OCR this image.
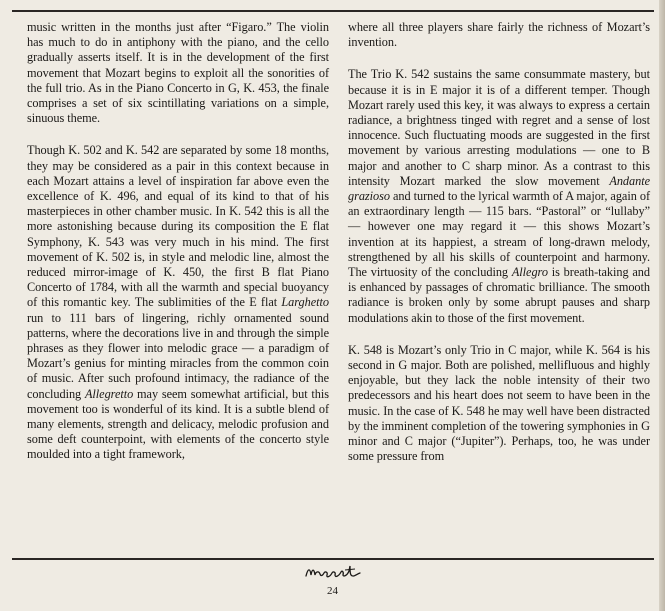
music written in the months just after “Figaro.” The violin has much to do in antiphony with the piano, and the cello gradually asserts itself. It is in the development of the first movement that Mozart begins to exploit all the sonorities of the full trio. As in the Piano Concerto in G, K. 453, the finale comprises a set of six scintillating variations on a simple, sinuous theme.

Though K. 502 and K. 542 are separated by some 18 months, they may be considered as a pair in this context because in each Mozart attains a level of inspiration far above even the excellence of K. 496, and equal of its kind to that of his masterpieces in other chamber music. In K. 542 this is all the more astonishing because during its composition the E flat Symphony, K. 543 was very much in his mind. The first movement of K. 502 is, in style and melodic line, almost the reduced mirror-image of K. 450, the first B flat Piano Concerto of 1784, with all the warmth and special buoyancy of this romantic key. The sublimities of the E flat Larghetto run to 111 bars of lingering, richly ornamented sound patterns, where the decorations live in and through the simple phrases as they flower into melodic grace — a paradigm of Mozart’s genius for minting miracles from the common coin of music. After such profound intimacy, the radiance of the concluding Allegretto may seem somewhat artificial, but this movement too is wonderful of its kind. It is a subtle blend of many elements, strength and delicacy, melodic profusion and some deft counterpoint, with elements of the concerto style moulded into a tight framework,

where all three players share fairly the richness of Mozart’s invention.

The Trio K. 542 sustains the same consummate mastery, but because it is in E major it is of a different temper. Though Mozart rarely used this key, it was always to express a certain radiance, a brightness tinged with regret and a sense of lost innocence. Such fluctuating moods are suggested in the first movement by various arresting modulations — one to B major and another to C sharp minor. As a contrast to this intensity Mozart marked the slow movement Andante grazioso and turned to the lyrical warmth of A major, again of an extraordinary length — 115 bars. “Pastoral” or “lullaby” — however one may regard it — this shows Mozart’s invention at its happiest, a stream of long-drawn melody, strengthened by all his skills of counterpoint and harmony. The virtuosity of the concluding Allegro is breath-taking and is enhanced by passages of chromatic brilliance. The smooth radiance is broken only by some abrupt pauses and sharp modulations akin to those of the first movement.

K. 548 is Mozart’s only Trio in C major, while K. 564 is his second in G major. Both are polished, mellifluous and highly enjoyable, but they lack the noble intensity of their two predecessors and his heart does not seem to have been in the music. In the case of K. 548 he may well have been distracted by the imminent completion of the towering symphonies in G minor and C major (“Jupiter”). Perhaps, too, he was under some pressure from

24
